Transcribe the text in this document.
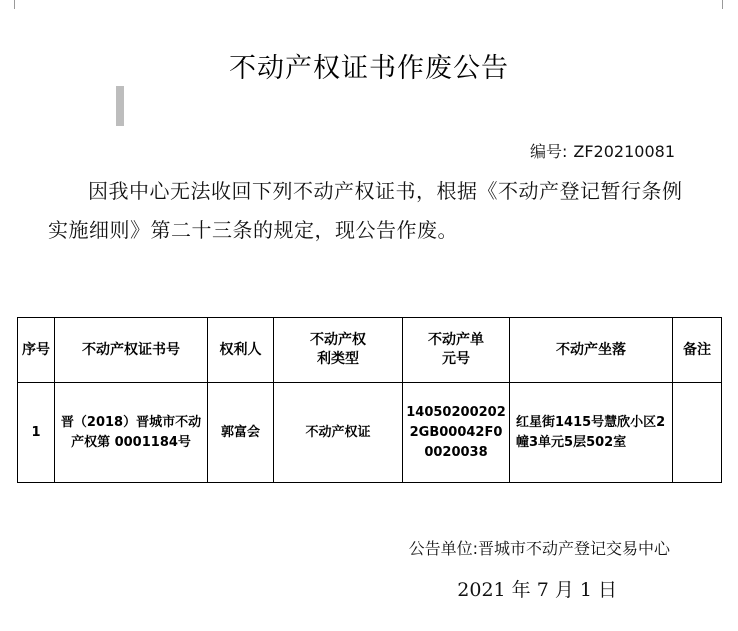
不动产权证书作废公告
编号: ZF20210081
因我中心无法收回下列不动产权证书，根据《不动产登记暂行条例实施细则》第二十三条的规定，现公告作废。
序号	不动产权证书号	权利人	不动产权利类型	不动产单元号	不动产坐落	备注
1	晋（2018）晋城市不动产权第 0001184号	郭富会	不动产权证	140502002022GB00042F00020038	红星街1415号慧欣小区2幢3单元5层502室	
公告单位:晋城市不动产登记交易中心
2021 年 7 月 1 日
